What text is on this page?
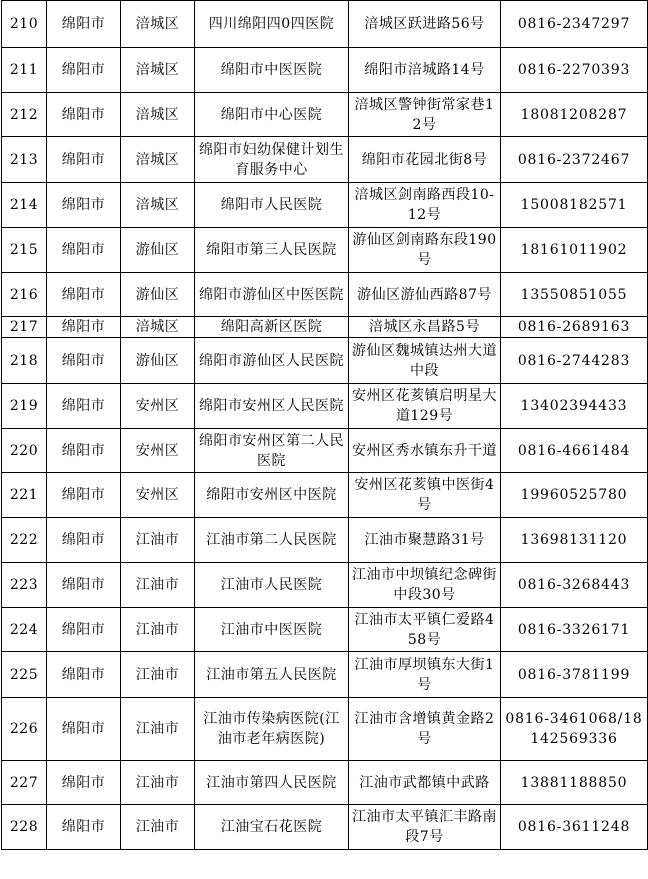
210	绵阳市	涪城区	四川绵阳四0四医院	涪城区跃进路56号	0816-2347297
211	绵阳市	涪城区	绵阳市中医医院	绵阳市涪城路14号	0816-2270393
212	绵阳市	涪城区	绵阳市中心医院	涪城区警钟街常家巷12号	18081208287
213	绵阳市	涪城区	绵阳市妇幼保健计划生育服务中心	绵阳市花园北街8号	0816-2372467
214	绵阳市	涪城区	绵阳市人民医院	涪城区剑南路西段10-12号	15008182571
215	绵阳市	游仙区	绵阳市第三人民医院	游仙区剑南路东段190号	18161011902
216	绵阳市	游仙区	绵阳市游仙区中医医院	游仙区游仙西路87号	13550851055
217	绵阳市	涪城区	绵阳高新区医院	涪城区永昌路5号	0816-2689163
218	绵阳市	游仙区	绵阳市游仙区人民医院	游仙区魏城镇达州大道中段	0816-2744283
219	绵阳市	安州区	绵阳市安州区人民医院	安州区花荄镇启明星大道129号	13402394433
220	绵阳市	安州区	绵阳市安州区第二人民医院	安州区秀水镇东升干道	0816-4661484
221	绵阳市	安州区	绵阳市安州区中医院	安州区花荄镇中医街4号	19960525780
222	绵阳市	江油市	江油市第二人民医院	江油市聚慧路31号	13698131120
223	绵阳市	江油市	江油市人民医院	江油市中坝镇纪念碑街中段30号	0816-3268443
224	绵阳市	江油市	江油市中医医院	江油市太平镇仁爱路458号	0816-3326171
225	绵阳市	江油市	江油市第五人民医院	江油市厚坝镇东大街1号	0816-3781199
226	绵阳市	江油市	江油市传染病医院(江油市老年病医院)	江油市含增镇黄金路2号	0816-3461068/18142569336
227	绵阳市	江油市	江油市第四人民医院	江油市武都镇中武路	13881188850
228	绵阳市	江油市	江油宝石花医院	江油市太平镇汇丰路南段7号	0816-3611248
